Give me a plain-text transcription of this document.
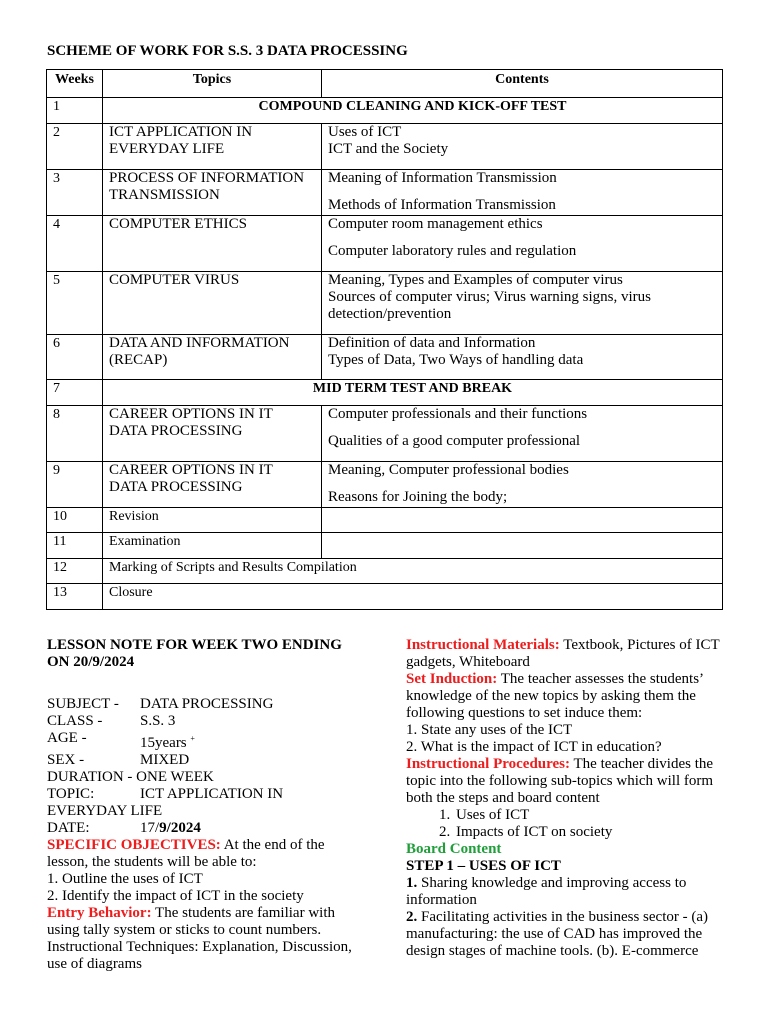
SCHEME OF WORK FOR S.S. 3 DATA PROCESSING
Weeks	Topics	Contents
1	COMPOUND CLEANING AND KICK-OFF TEST	
2	ICT APPLICATION IN EVERYDAY LIFE	Uses of ICT
ICT and the Society

3	PROCESS OF INFORMATION TRANSMISSION	Meaning of Information Transmission
Methods of Information Transmission

4	COMPUTER ETHICS	Computer room management ethics
Computer laboratory rules and regulation

5	COMPUTER VIRUS	Meaning, Types and Examples of computer virus
Sources of computer virus; Virus warning signs, virus detection/prevention

6	DATA AND INFORMATION (RECAP)	Definition of data and Information
Types of Data, Two Ways of handling data

7	MID TERM TEST AND BREAK	
8	CAREER OPTIONS IN IT DATA PROCESSING	Computer professionals and their functions
Qualities of a good computer professional

9	CAREER OPTIONS IN IT DATA PROCESSING	Meaning, Computer professional bodies
Reasons for Joining the body;

10	Revision	
11	Examination	
12	Marking of Scripts and Results Compilation	
13	Closure	
LESSON NOTE FOR WEEK TWO ENDING ON 20/9/2024
SUBJECT -	DATA PROCESSING
CLASS -	S.S. 3
AGE -	15years +
SEX -	MIXED
DURATION - ONE WEEK
TOPIC:	ICT APPLICATION IN
EVERYDAY LIFE
DATE:	17/9/2024
SPECIFIC OBJECTIVES: At the end of the lesson, the students will be able to:
1. Outline the uses of ICT
2. Identify the impact of ICT in the society
Entry Behavior: The students are familiar with using tally system or sticks to count numbers.
Instructional Techniques: Explanation, Discussion, use of diagrams
Instructional Materials: Textbook, Pictures of ICT gadgets, Whiteboard
Set Induction: The teacher assesses the students’ knowledge of the new topics by asking them the following questions to set induce them:
1. State any uses of the ICT
2. What is the impact of ICT in education?
Instructional Procedures: The teacher divides the topic into the following sub-topics which will form both the steps and board content
1. Uses of ICT
2. Impacts of ICT on society
Board Content
STEP 1 – USES OF ICT
1. Sharing knowledge and improving access to information
2. Facilitating activities in the business sector - (a) manufacturing: the use of CAD has improved the design stages of machine tools. (b). E-commerce
